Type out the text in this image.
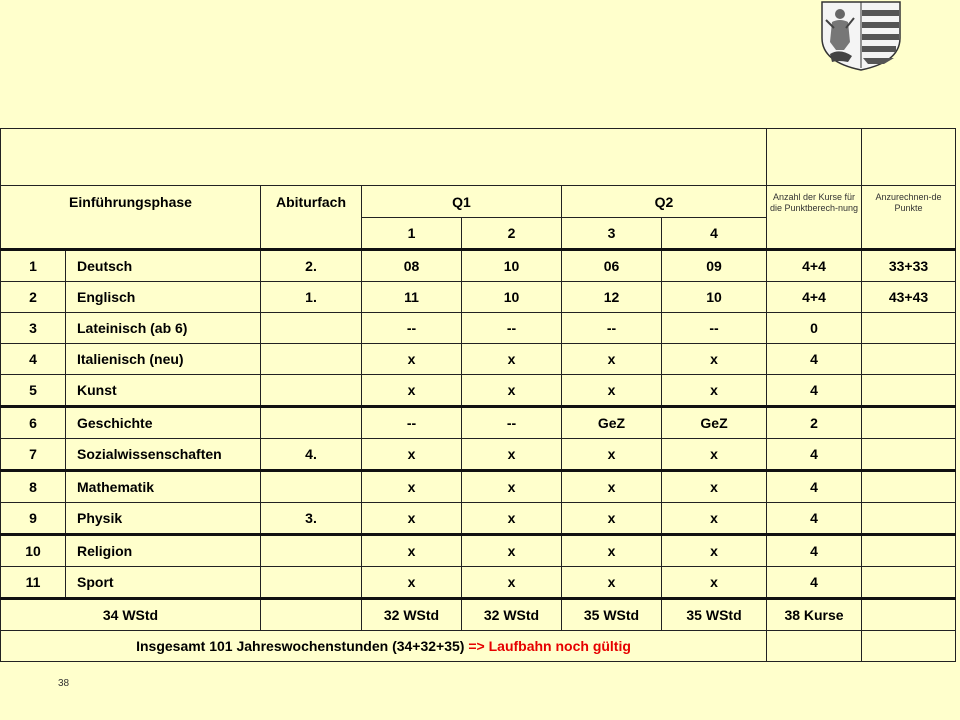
Einführungsphase		Abiturfach	Q1		Q2		Anzahl der Kurse für die Punktberech-nung	Anzurechnen-de Punkte
			1	2	3	4		
1	Deutsch	2.	08	10	06	09	4+4	33+33
2	Englisch	1.	11	10	12	10	4+4	43+43
3	Lateinisch (ab 6)		--	--	--	--	0	
4	Italienisch (neu)		x	x	x	x	4	
5	Kunst		x	x	x	x	4	
6	Geschichte		--	--	GeZ	GeZ	2	
7	Sozialwissenschaften	4.	x	x	x	x	4	
8	Mathematik		x	x	x	x	4	
9	Physik	3.	x	x	x	x	4	
10	Religion		x	x	x	x	4	
11	Sport		x	x	x	x	4	
34 WStd			32 WStd	32 WStd	35 WStd	35 WStd	38 Kurse	
Insgesamt 101 Jahreswochenstunden (34+32+35) => Laufbahn noch gültig								
38
